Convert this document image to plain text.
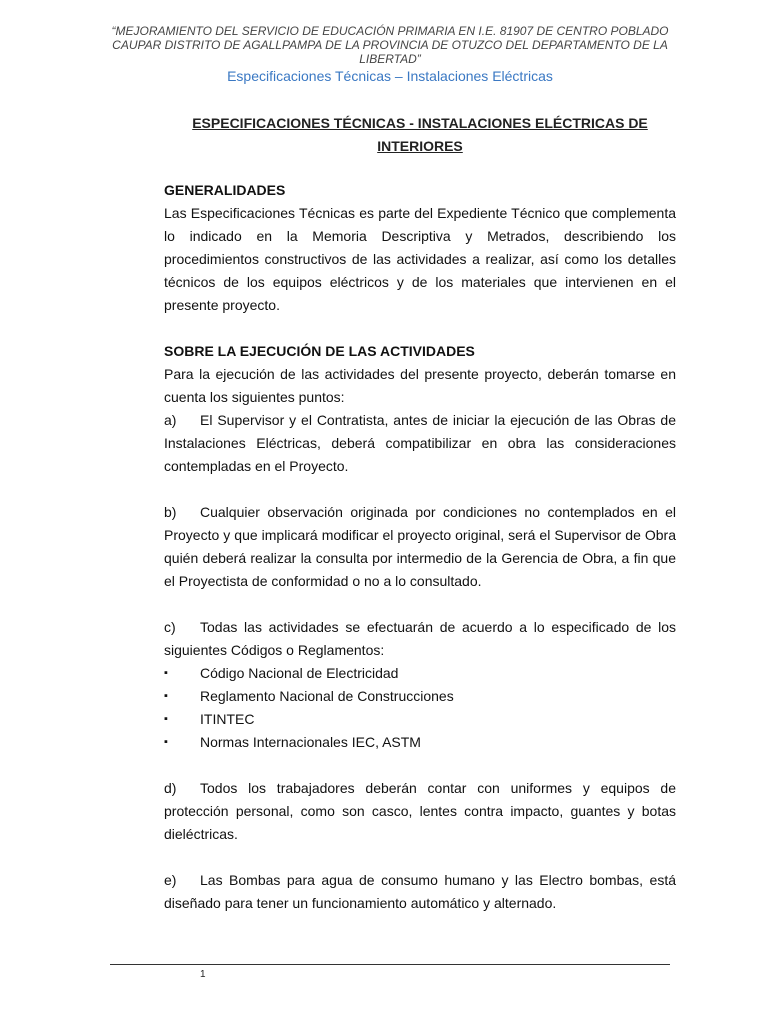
“MEJORAMIENTO DEL SERVICIO DE EDUCACIÓN PRIMARIA EN I.E. 81907 DE CENTRO POBLADO CAUPAR DISTRITO DE AGALLPAMPA DE LA PROVINCIA DE OTUZCO DEL DEPARTAMENTO DE LA LIBERTAD”
Especificaciones Técnicas – Instalaciones Eléctricas
ESPECIFICACIONES TÉCNICAS - INSTALACIONES ELÉCTRICAS DE INTERIORES

GENERALIDADES

Las Especificaciones Técnicas es parte del Expediente Técnico que complementa lo indicado en la Memoria Descriptiva y Metrados, describiendo los procedimientos constructivos de las actividades a realizar, así como los detalles técnicos de los equipos eléctricos y de los materiales que intervienen en el presente proyecto.

SOBRE LA EJECUCIÓN DE LAS ACTIVIDADES

Para la ejecución de las actividades del presente proyecto, deberán tomarse en cuenta los siguientes puntos:

a) El Supervisor y el Contratista, antes de iniciar la ejecución de las Obras de Instalaciones Eléctricas, deberá compatibilizar en obra las consideraciones contempladas en el Proyecto.

b) Cualquier observación originada por condiciones no contemplados en el Proyecto y que implicará modificar el proyecto original, será el Supervisor de Obra quién deberá realizar la consulta por intermedio de la Gerencia de Obra, a fin que el Proyectista de conformidad o no a lo consultado.

c) Todas las actividades se efectuarán de acuerdo a lo especificado de los siguientes Códigos o Reglamentos:

▪	Código Nacional de Electricidad
▪	Reglamento Nacional de Construcciones
▪	ITINTEC
▪	Normas Internacionales IEC, ASTM

d) Todos los trabajadores deberán contar con uniformes y equipos de protección personal, como son casco, lentes contra impacto, guantes y botas dieléctricas.

e) Las Bombas para agua de consumo humano y las Electro bombas, está diseñado para tener un funcionamiento automático y alternado.

1
